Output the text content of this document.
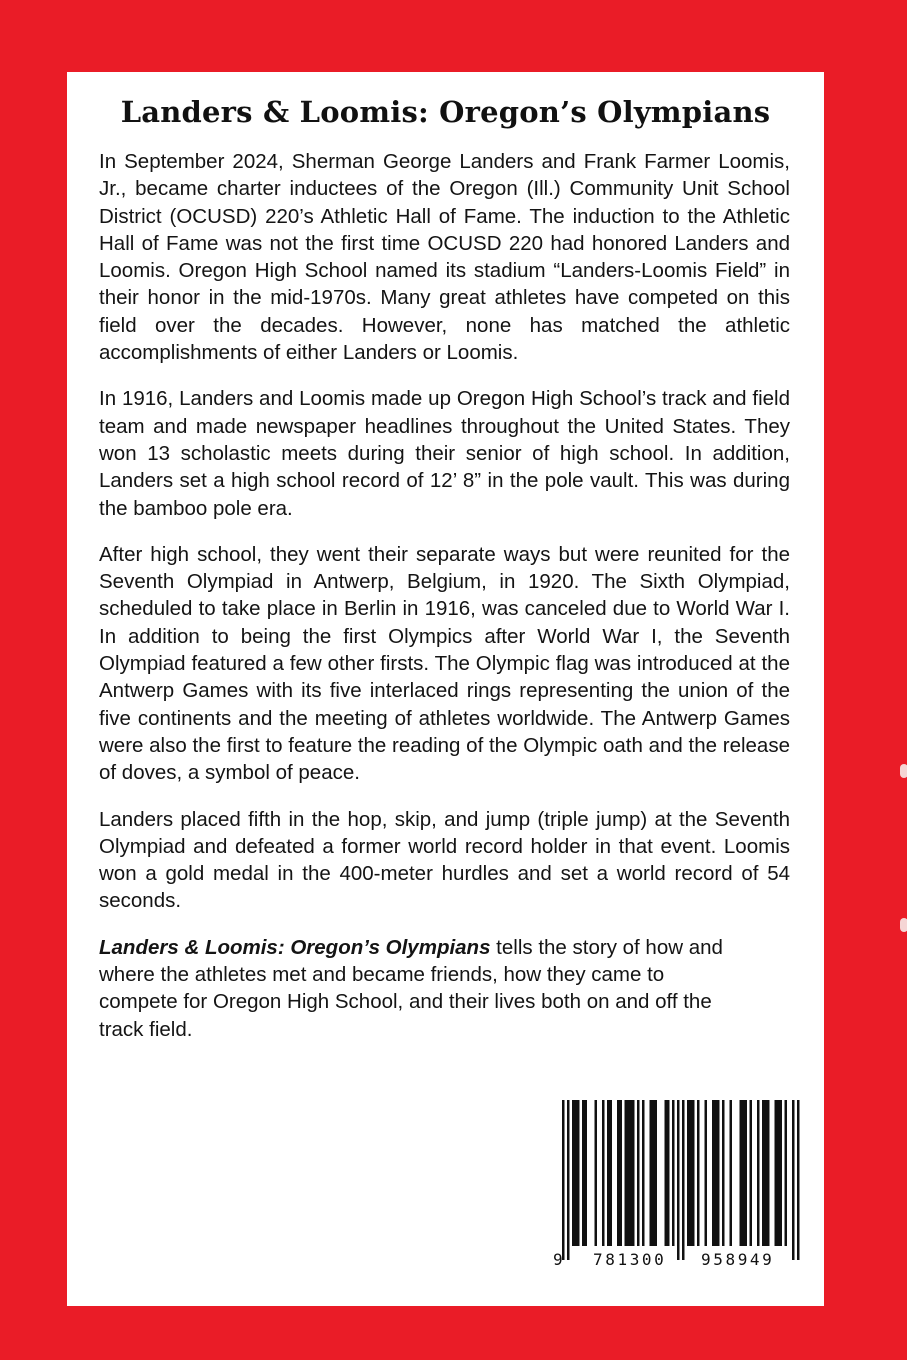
Landers & Loomis: Oregon’s Olympians

In September 2024, Sherman George Landers and Frank Farmer Loomis, Jr., became charter inductees of the Oregon (Ill.) Community Unit School District (OCUSD) 220’s Athletic Hall of Fame. The induction to the Athletic Hall of Fame was not the first time OCUSD 220 had honored Landers and Loomis. Oregon High School named its stadium “Landers-Loomis Field” in their honor in the mid-1970s. Many great athletes have competed on this field over the decades. However, none has matched the athletic accomplishments of either Landers or Loomis.

In 1916, Landers and Loomis made up Oregon High School’s track and field team and made newspaper headlines throughout the United States. They won 13 scholastic meets during their senior of high school. In addition, Landers set a high school record of 12’ 8” in the pole vault. This was during the bamboo pole era.

After high school, they went their separate ways but were reunited for the Seventh Olympiad in Antwerp, Belgium, in 1920. The Sixth Olympiad, scheduled to take place in Berlin in 1916, was canceled due to World War I. In addition to being the first Olympics after World War I, the Seventh Olympiad featured a few other firsts. The Olympic flag was introduced at the Antwerp Games with its five interlaced rings representing the union of the five continents and the meeting of athletes worldwide. The Antwerp Games were also the first to feature the reading of the Olympic oath and the release of doves, a symbol of peace.

Landers placed fifth in the hop, skip, and jump (triple jump) at the Seventh Olympiad and defeated a former world record holder in that event. Loomis won a gold medal in the 400-meter hurdles and set a world record of 54 seconds.

Landers & Loomis: Oregon’s Olympians tells the story of how and
where the athletes met and became friends, how they came to
compete for Oregon High School, and their lives both on and off the
track field.

9 781300 958949
